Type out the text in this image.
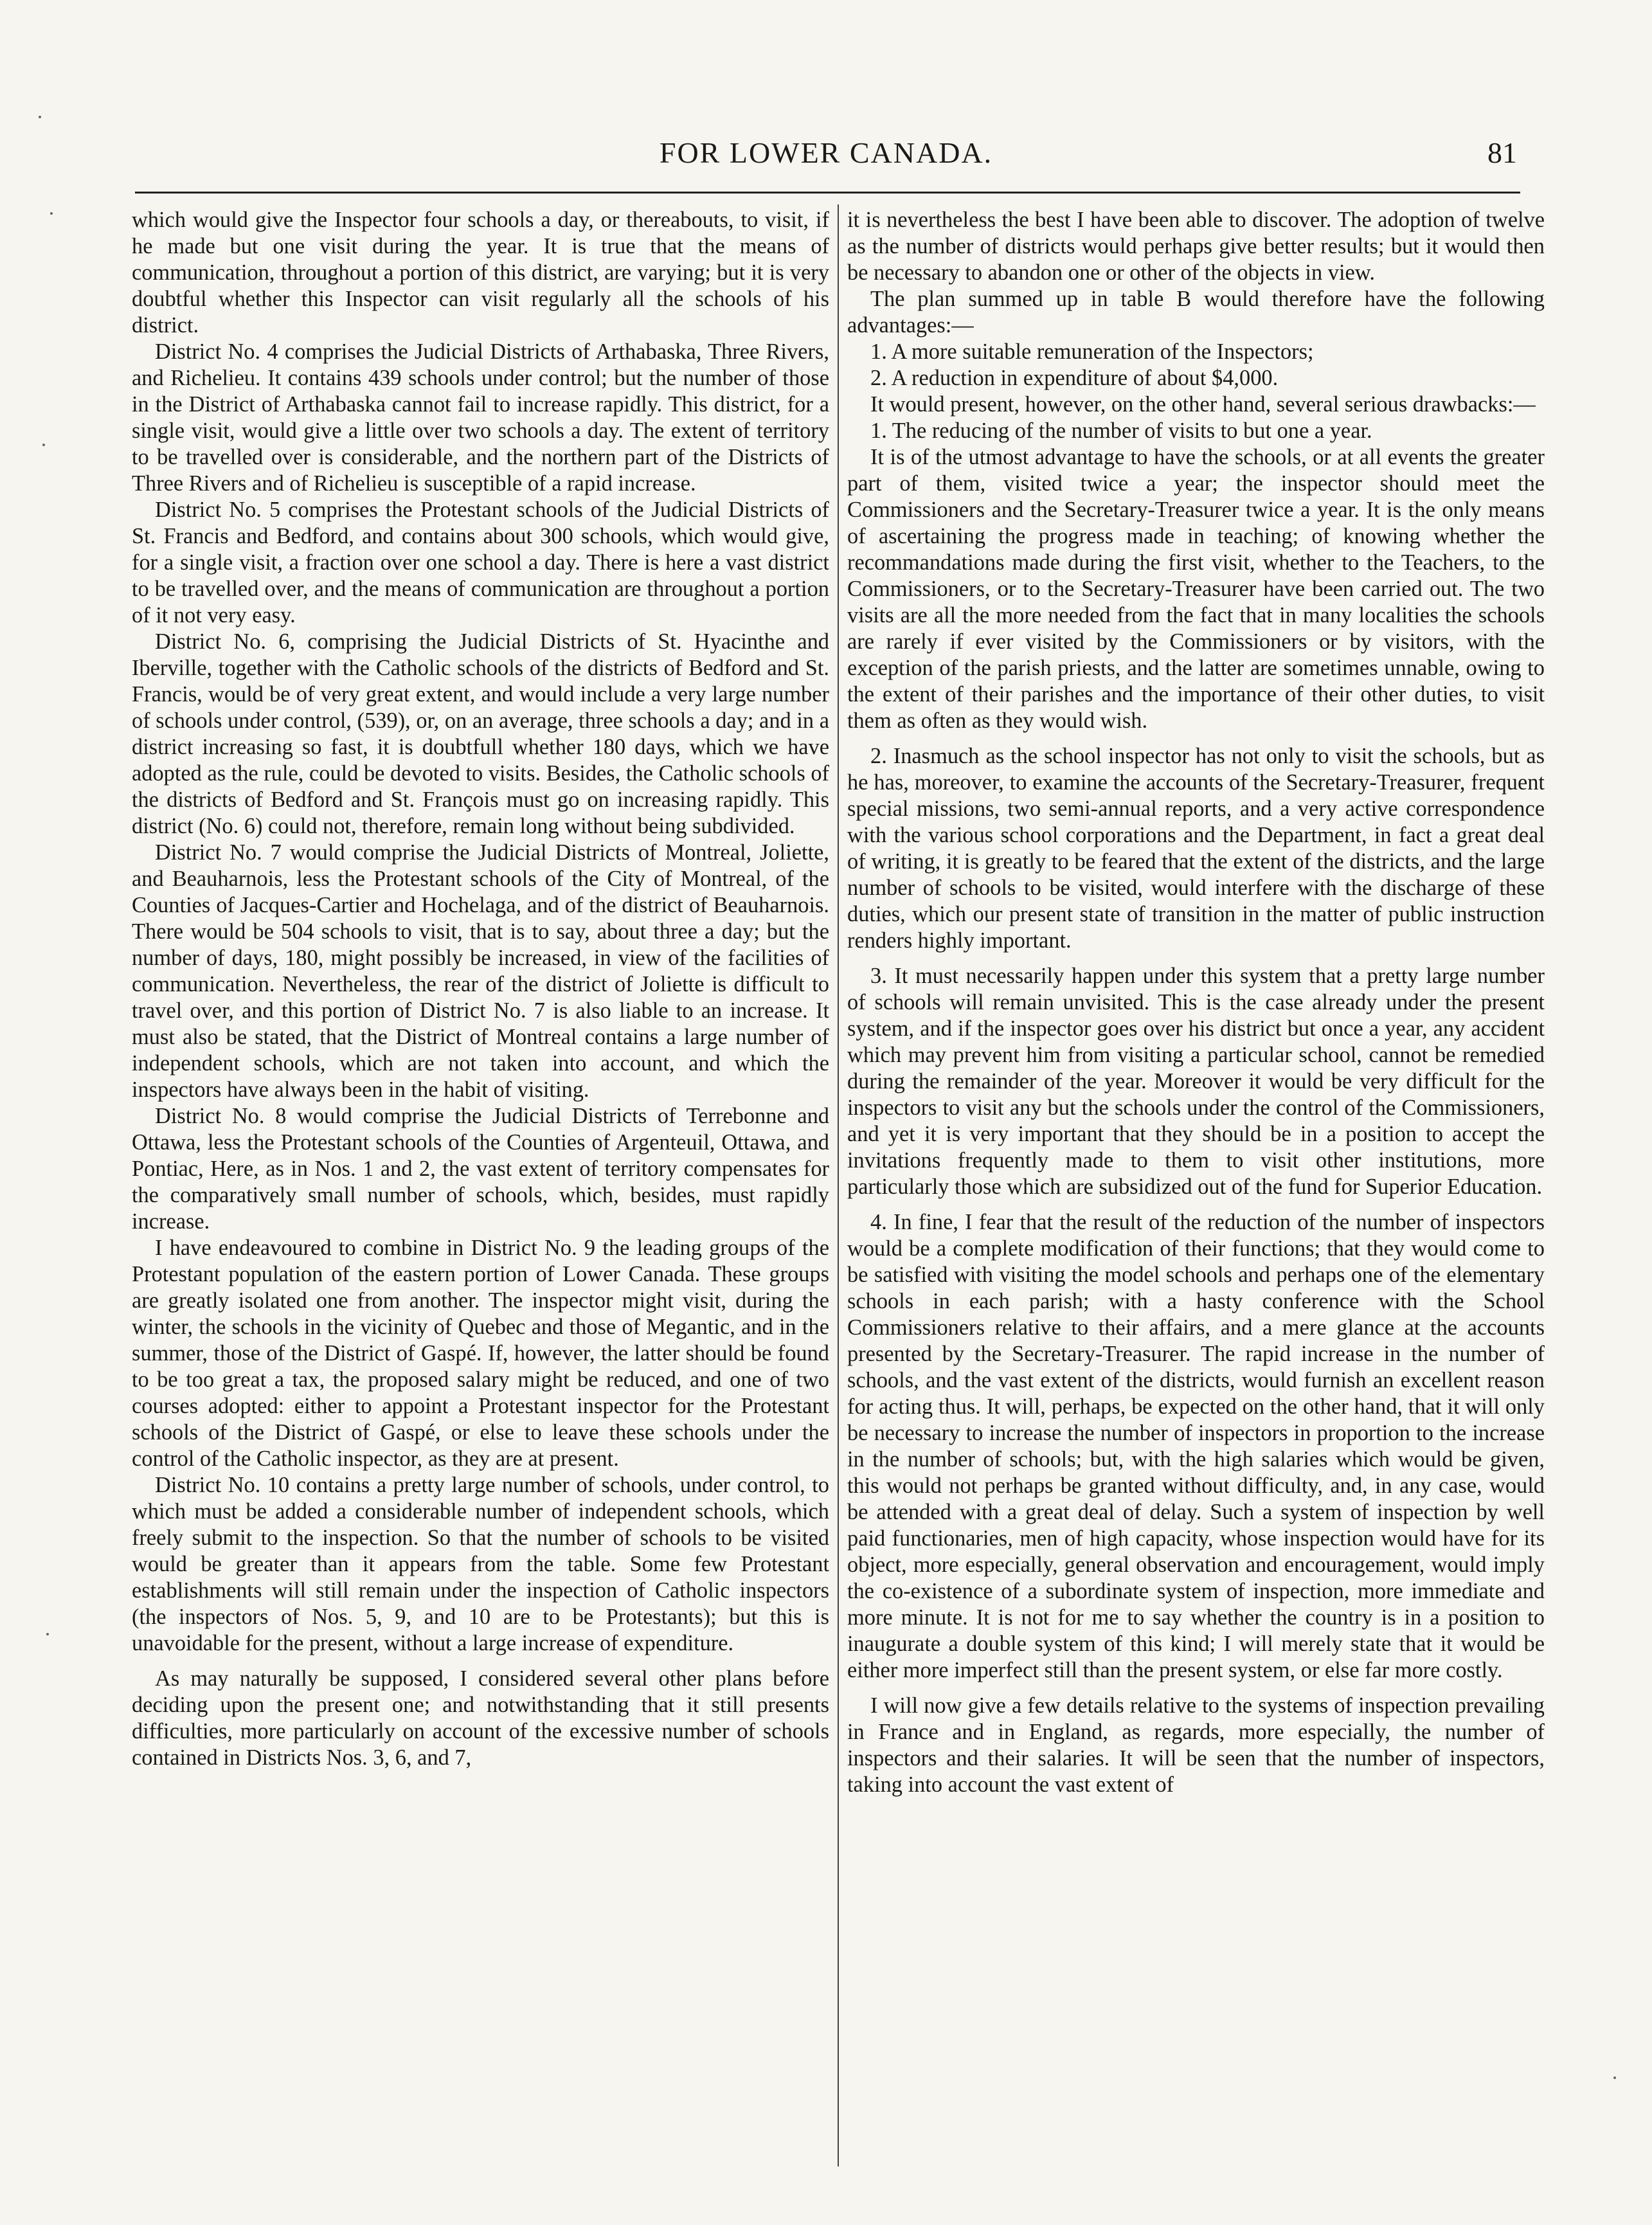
FOR LOWER CANADA.	81

which would give the Inspector four schools a day, or thereabouts, to visit, if he made but one visit during the year. It is true that the means of communication, throughout a portion of this district, are varying; but it is very doubtful whether this Inspector can visit regularly all the schools of his district.

District No. 4 comprises the Judicial Districts of Arthabaska, Three Rivers, and Richelieu. It contains 439 schools under control; but the number of those in the District of Arthabaska cannot fail to increase rapidly. This district, for a single visit, would give a little over two schools a day. The extent of territory to be travelled over is considerable, and the northern part of the Districts of Three Rivers and of Richelieu is susceptible of a rapid increase.

District No. 5 comprises the Protestant schools of the Judicial Districts of St. Francis and Bedford, and contains about 300 schools, which would give, for a single visit, a fraction over one school a day. There is here a vast district to be travelled over, and the means of communication are throughout a portion of it not very easy.

District No. 6, comprising the Judicial Districts of St. Hyacinthe and Iberville, together with the Catholic schools of the districts of Bedford and St. Francis, would be of very great extent, and would include a very large number of schools under control, (539), or, on an average, three schools a day; and in a district increasing so fast, it is doubtfull whether 180 days, which we have adopted as the rule, could be devoted to visits. Besides, the Catholic schools of the districts of Bedford and St. François must go on increasing rapidly. This district (No. 6) could not, therefore, remain long without being subdivided.

District No. 7 would comprise the Judicial Districts of Montreal, Joliette, and Beauharnois, less the Protestant schools of the City of Montreal, of the Counties of Jacques-Cartier and Hochelaga, and of the district of Beauharnois. There would be 504 schools to visit, that is to say, about three a day; but the number of days, 180, might possibly be increased, in view of the facilities of communication. Nevertheless, the rear of the district of Joliette is difficult to travel over, and this portion of District No. 7 is also liable to an increase. It must also be stated, that the District of Montreal contains a large number of independent schools, which are not taken into account, and which the inspectors have always been in the habit of visiting.

District No. 8 would comprise the Judicial Districts of Terrebonne and Ottawa, less the Protestant schools of the Counties of Argenteuil, Ottawa, and Pontiac, Here, as in Nos. 1 and 2, the vast extent of territory compensates for the comparatively small number of schools, which, besides, must rapidly increase.

I have endeavoured to combine in District No. 9 the leading groups of the Protestant population of the eastern portion of Lower Canada. These groups are greatly isolated one from another. The inspector might visit, during the winter, the schools in the vicinity of Quebec and those of Megantic, and in the summer, those of the District of Gaspé. If, however, the latter should be found to be too great a tax, the proposed salary might be reduced, and one of two courses adopted: either to appoint a Protestant inspector for the Protestant schools of the District of Gaspé, or else to leave these schools under the control of the Catholic inspector, as they are at present.

District No. 10 contains a pretty large number of schools, under control, to which must be added a considerable number of independent schools, which freely submit to the inspection. So that the number of schools to be visited would be greater than it appears from the table. Some few Protestant establishments will still remain under the inspection of Catholic inspectors (the inspectors of Nos. 5, 9, and 10 are to be Protestants); but this is unavoidable for the present, without a large increase of expenditure.

As may naturally be supposed, I considered several other plans before deciding upon the present one; and notwithstanding that it still presents difficulties, more particularly on account of the excessive number of schools contained in Districts Nos. 3, 6, and 7,

it is nevertheless the best I have been able to discover. The adoption of twelve as the number of districts would perhaps give better results; but it would then be necessary to abandon one or other of the objects in view.

The plan summed up in table B would therefore have the following advantages:—

1. A more suitable remuneration of the Inspectors;

2. A reduction in expenditure of about $4,000.

It would present, however, on the other hand, several serious drawbacks:—

1. The reducing of the number of visits to but one a year.

It is of the utmost advantage to have the schools, or at all events the greater part of them, visited twice a year; the inspector should meet the Commissioners and the Secretary-Treasurer twice a year. It is the only means of ascertaining the progress made in teaching; of knowing whether the recommandations made during the first visit, whether to the Teachers, to the Commissioners, or to the Secretary-Treasurer have been carried out. The two visits are all the more needed from the fact that in many localities the schools are rarely if ever visited by the Commissioners or by visitors, with the exception of the parish priests, and the latter are sometimes unnable, owing to the extent of their parishes and the importance of their other duties, to visit them as often as they would wish.

2. Inasmuch as the school inspector has not only to visit the schools, but as he has, moreover, to examine the accounts of the Secretary-Treasurer, frequent special missions, two semi-annual reports, and a very active correspondence with the various school corporations and the Department, in fact a great deal of writing, it is greatly to be feared that the extent of the districts, and the large number of schools to be visited, would interfere with the discharge of these duties, which our present state of transition in the matter of public instruction renders highly important.

3. It must necessarily happen under this system that a pretty large number of schools will remain unvisited. This is the case already under the present system, and if the inspector goes over his district but once a year, any accident which may prevent him from visiting a particular school, cannot be remedied during the remainder of the year. Moreover it would be very difficult for the inspectors to visit any but the schools under the control of the Commissioners, and yet it is very important that they should be in a position to accept the invitations frequently made to them to visit other institutions, more particularly those which are subsidized out of the fund for Superior Education.

4. In fine, I fear that the result of the reduction of the number of inspectors would be a complete modification of their functions; that they would come to be satisfied with visiting the model schools and perhaps one of the elementary schools in each parish; with a hasty conference with the School Commissioners relative to their affairs, and a mere glance at the accounts presented by the Secretary-Treasurer. The rapid increase in the number of schools, and the vast extent of the districts, would furnish an excellent reason for acting thus. It will, perhaps, be expected on the other hand, that it will only be necessary to increase the number of inspectors in proportion to the increase in the number of schools; but, with the high salaries which would be given, this would not perhaps be granted without difficulty, and, in any case, would be attended with a great deal of delay. Such a system of inspection by well paid functionaries, men of high capacity, whose inspection would have for its object, more especially, general observation and encouragement, would imply the co-existence of a subordinate system of inspection, more immediate and more minute. It is not for me to say whether the country is in a position to inaugurate a double system of this kind; I will merely state that it would be either more imperfect still than the present system, or else far more costly.

I will now give a few details relative to the systems of inspection prevailing in France and in England, as regards, more especially, the number of inspectors and their salaries. It will be seen that the number of inspectors, taking into account the vast extent of
